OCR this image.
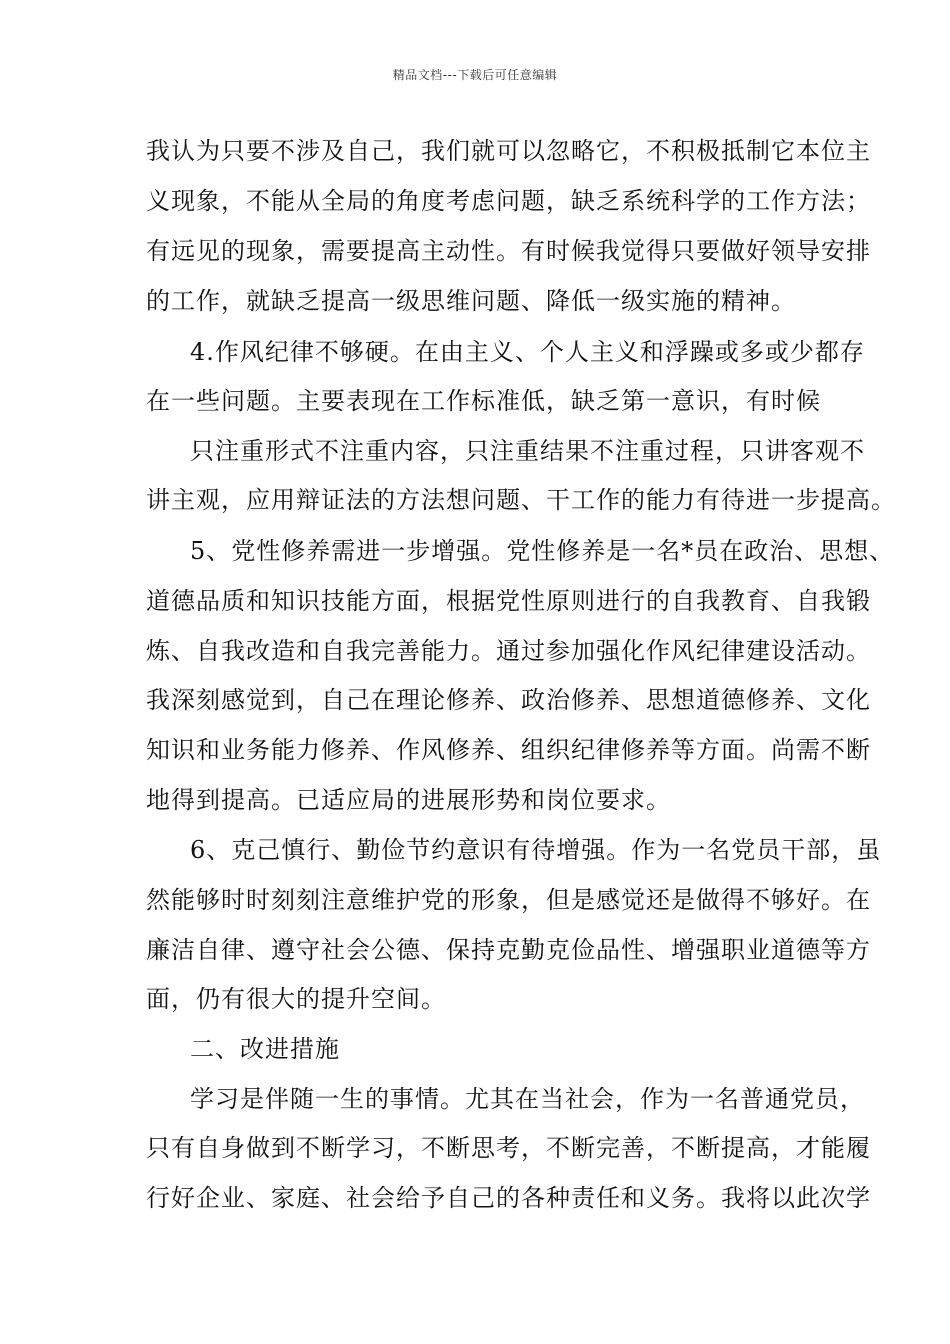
精品文档---下载后可任意编辑
我认为只要不涉及自己，我们就可以忽略它，不积极抵制它本位主
义现象，不能从全局的角度考虑问题，缺乏系统科学的工作方法；
有远见的现象，需要提高主动性。有时候我觉得只要做好领导安排
的工作，就缺乏提高一级思维问题、降低一级实施的精神。
4.作风纪律不够硬。在由主义、个人主义和浮躁或多或少都存
在一些问题。主要表现在工作标准低，缺乏第一意识，有时候
只注重形式不注重内容，只注重结果不注重过程，只讲客观不
讲主观，应用辩证法的方法想问题、干工作的能力有待进一步提高。
5、党性修养需进一步增强。党性修养是一名*员在政治、思想、
道德品质和知识技能方面，根据党性原则进行的自我教育、自我锻
炼、自我改造和自我完善能力。通过参加强化作风纪律建设活动。
我深刻感觉到，自己在理论修养、政治修养、思想道德修养、文化
知识和业务能力修养、作风修养、组织纪律修养等方面。尚需不断
地得到提高。已适应局的进展形势和岗位要求。
6、克己慎行、勤俭节约意识有待增强。作为一名党员干部，虽
然能够时时刻刻注意维护党的形象，但是感觉还是做得不够好。在
廉洁自律、遵守社会公德、保持克勤克俭品性、增强职业道德等方
面，仍有很大的提升空间。
二、改进措施
学习是伴随一生的事情。尤其在当社会，作为一名普通党员，
只有自身做到不断学习，不断思考，不断完善，不断提高，才能履
行好企业、家庭、社会给予自己的各种责任和义务。我将以此次学
